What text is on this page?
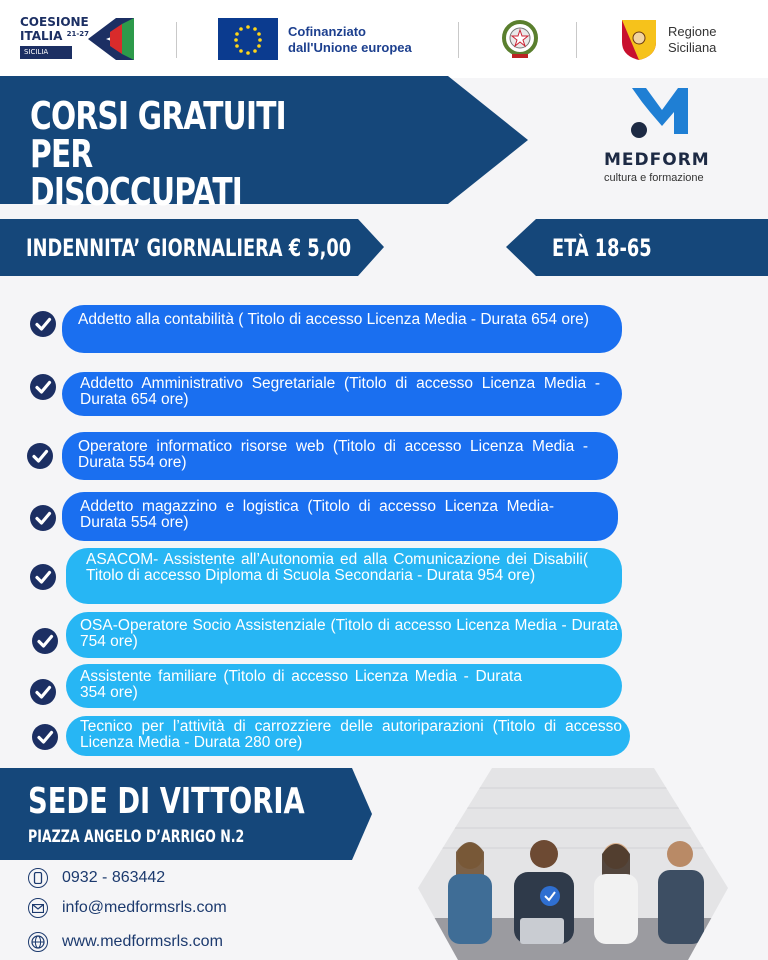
COESIONE
ITALIA $^{21-27}$
SICILIA
Cofinanziato
dall'Unione europea
Regione
Siciliana
CORSI GRATUITI PER
DISOCCUPATI
MEDFORM
cultura e formazione
INDENNITA’ GIORNALIERA € 5,00	ETÀ 18-65
Addetto alla contabilità ( Titolo di accesso Licenza Media - Durata 654 ore)
Addetto Amministrativo Segretariale (Titolo di accesso Licenza Media - Durata 654 ore)
Operatore informatico risorse web (Titolo di accesso Licenza Media - Durata 554 ore)
Addetto magazzino e logistica (Titolo di accesso Licenza Media-Durata 554 ore)
ASACOM- Assistente all’Autonomia ed alla Comunicazione dei Disabili( Titolo di accesso Diploma di Scuola Secondaria - Durata 954 ore)
OSA-Operatore Socio Assistenziale (Titolo di accesso Licenza Media - Durata 754 ore)
Assistente familiare (Titolo di accesso Licenza Media - Durata 354 ore)
Tecnico per l’attività di carrozziere delle autoriparazioni (Titolo di accesso Licenza Media - Durata 280 ore)
SEDE DI VITTORIA
PIAZZA ANGELO D’ARRIGO N.2
0932 - 863442
info@medformsrls.com
www.medformsrls.com
